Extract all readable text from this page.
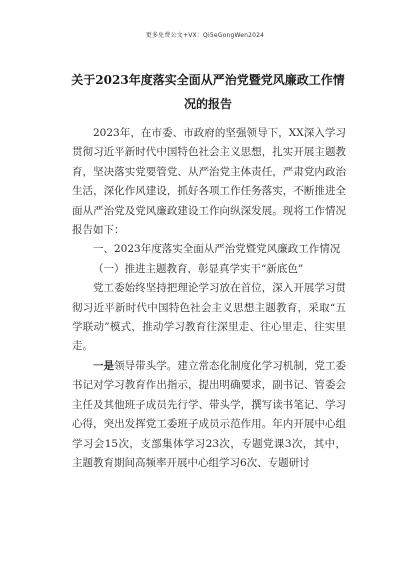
更多免费公文+VX：Qi5eGongWen2024
关于2023年度落实全面从严治党暨党风廉政工作情况的报告

2023年，在市委、市政府的坚强领导下，XX深入学习贯彻习近平新时代中国特色社会主义思想，扎实开展主题教育，坚决落实党要管党、从严治党主体责任，严肃党内政治生活，深化作风建设，抓好各项工作任务落实，不断推进全面从严治党及党风廉政建设工作向纵深发展。现将工作情况报告如下：

一、2023年度落实全面从严治党暨党风廉政工作情况

（一）推进主题教育，彰显真学实干“新底色”

党工委始终坚持把理论学习放在首位，深入开展学习贯彻习近平新时代中国特色社会主义思想主题教育，采取“五学联动”模式，推动学习教育往深里走、往心里走、往实里走。

一是领导带头学。建立常态化制度化学习机制，党工委书记对学习教育作出指示，提出明确要求，副书记、管委会主任及其他班子成员先行学、带头学，撰写读书笔记、学习心得，突出发挥党工委班子成员示范作用。年内开展中心组学习会15次，支部集体学习23次，专题党课3次，其中，主题教育期间高频率开展中心组学习6次、专题研讨
